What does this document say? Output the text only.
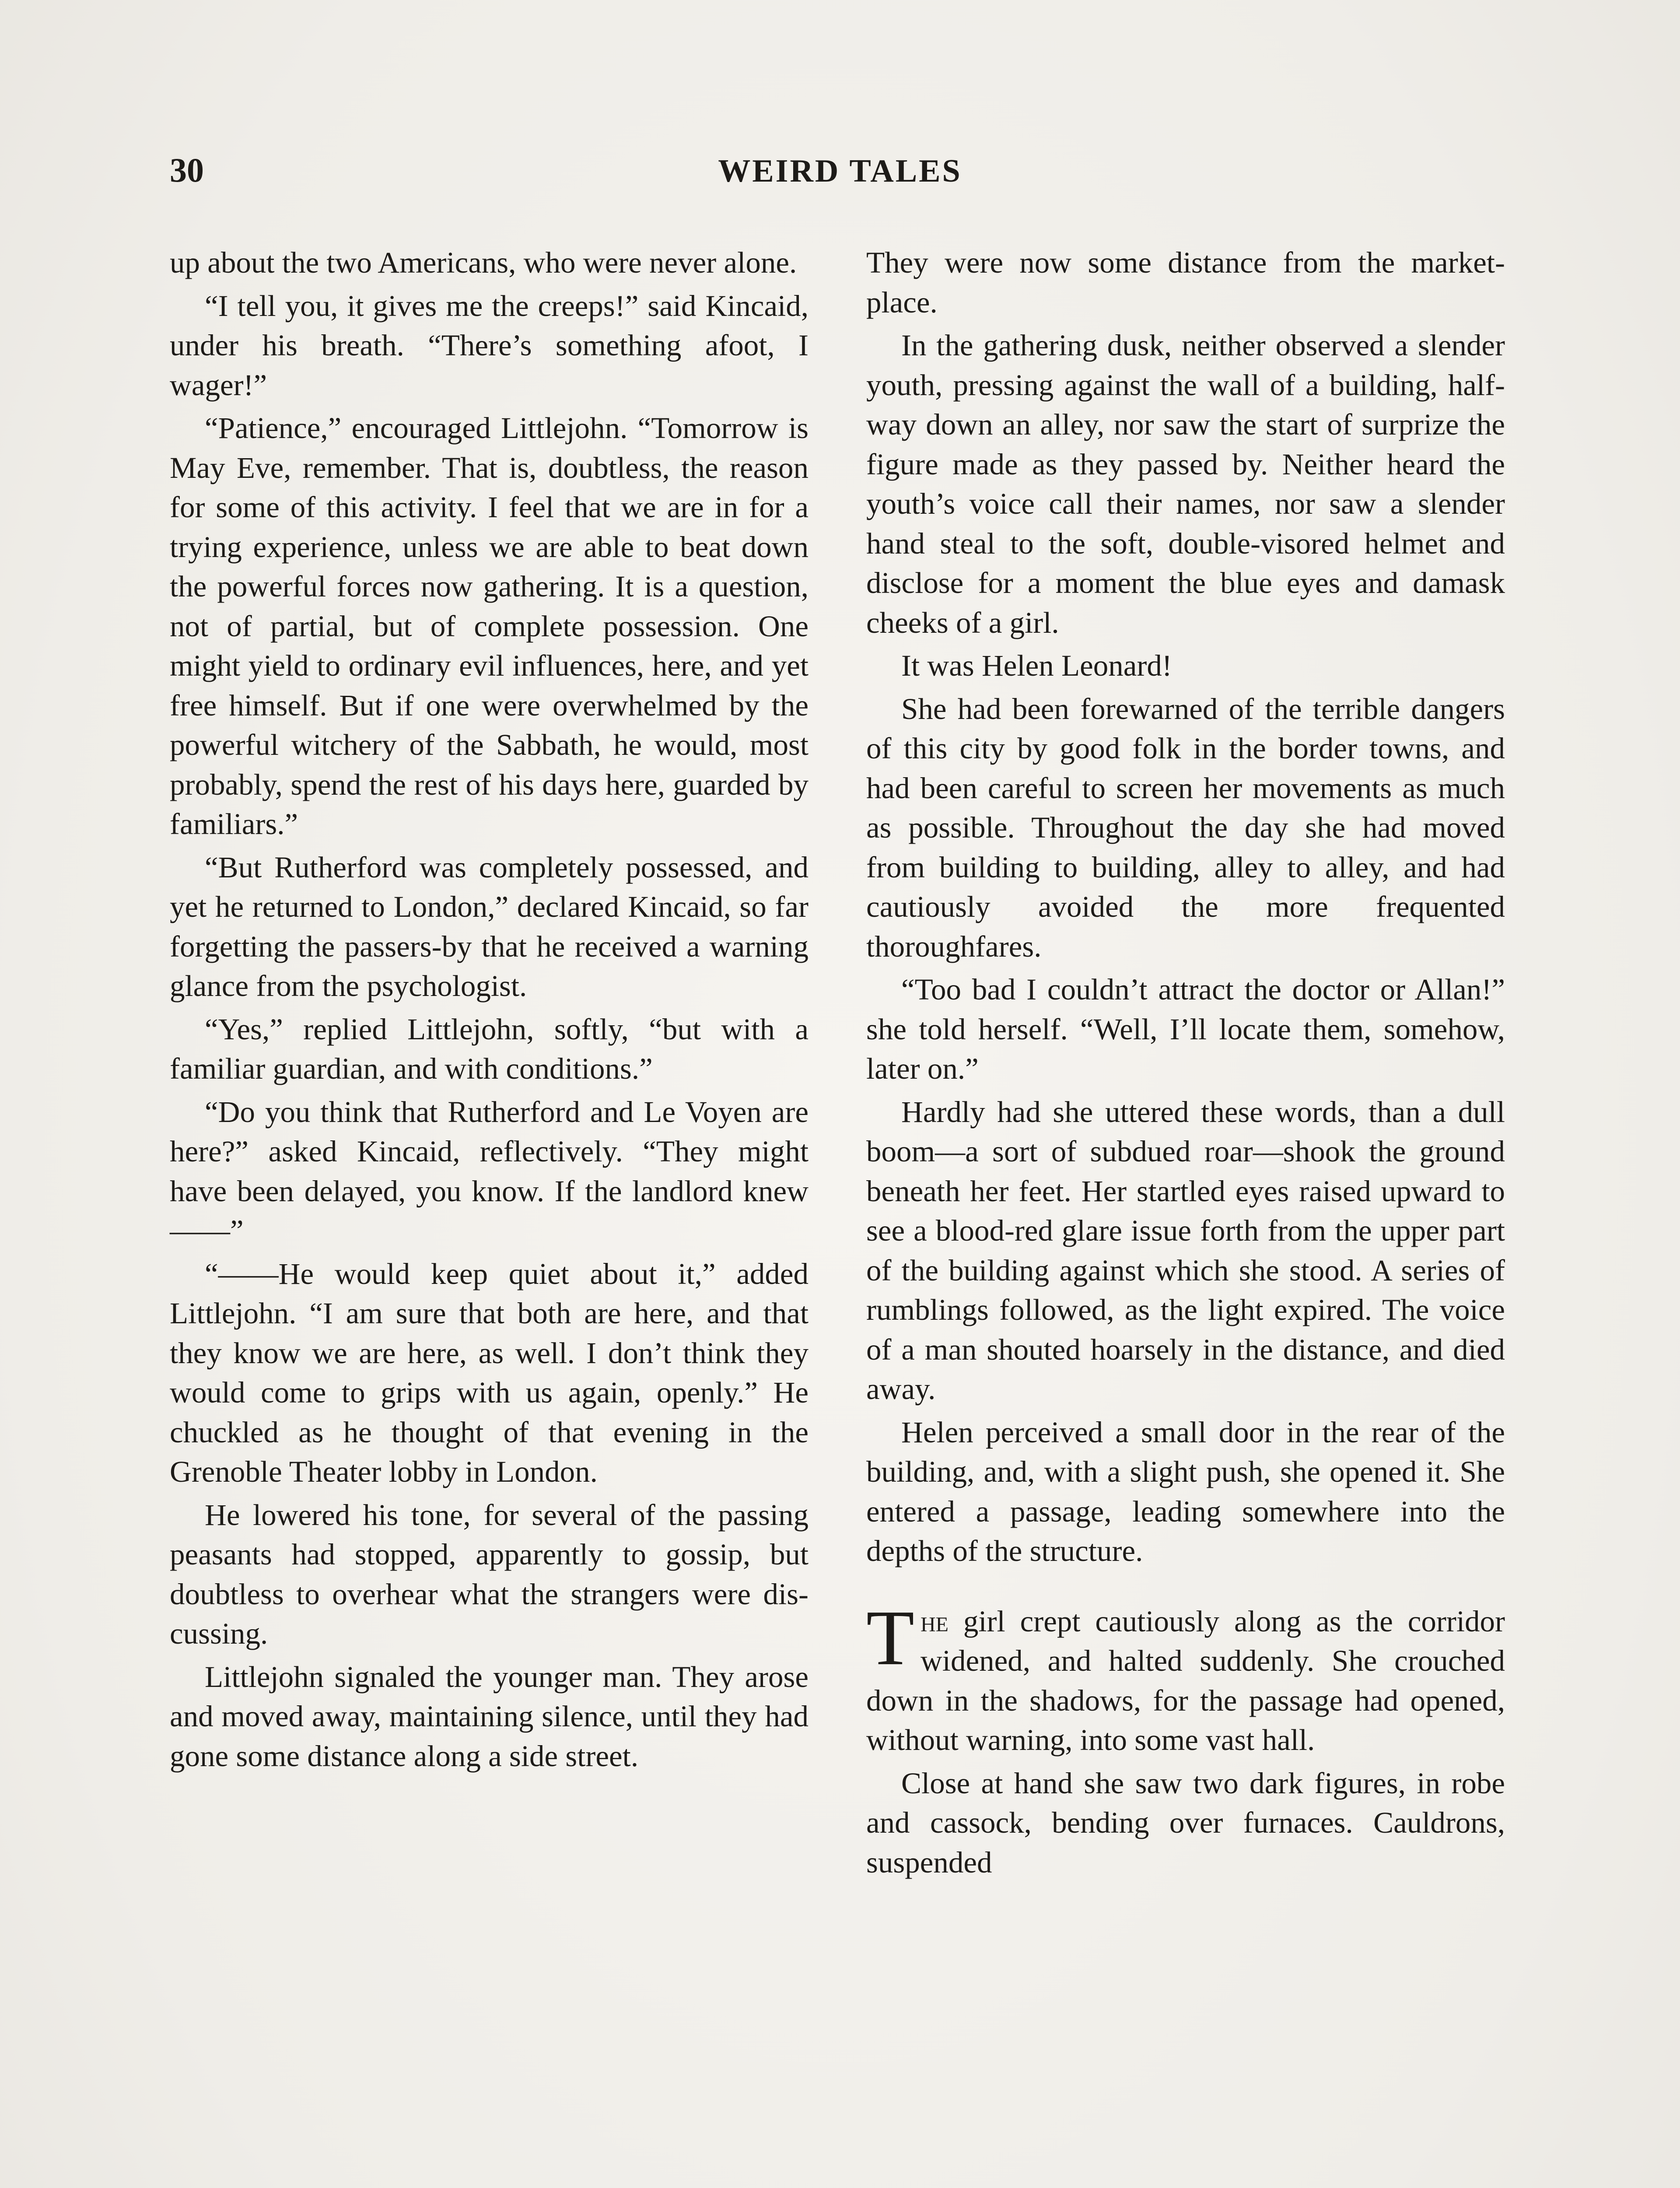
30	WEIRD TALES

up about the two Americans, who were never alone.

“I tell you, it gives me the creeps!” said Kincaid, under his breath. “There’s something afoot, I wager!”

“Patience,” encouraged Littlejohn. “Tomorrow is May Eve, remember. That is, doubtless, the reason for some of this activity. I feel that we are in for a trying experience, unless we are able to beat down the powerful forces now gathering. It is a question, not of partial, but of complete possession. One might yield to ordinary evil influences, here, and yet free himself. But if one were overwhelmed by the powerful witchery of the Sabbath, he would, most probably, spend the rest of his days here, guarded by familiars.”

“But Rutherford was completely possessed, and yet he returned to London,” declared Kincaid, so far forgetting the passers-by that he received a warning glance from the psychologist.

“Yes,” replied Littlejohn, softly, “but with a familiar guardian, and with conditions.”

“Do you think that Rutherford and Le Voyen are here?” asked Kincaid, reflectively. “They might have been delayed, you know. If the landlord knew——”

“——He would keep quiet about it,” added Littlejohn. “I am sure that both are here, and that they know we are here, as well. I don’t think they would come to grips with us again, openly.” He chuckled as he thought of that evening in the Grenoble Theater lobby in London.

He lowered his tone, for several of the passing peasants had stopped, apparently to gossip, but doubtless to overhear what the strangers were discussing.

Littlejohn signaled the younger man. They arose and moved away, maintaining silence, until they had gone some distance along a side street.

They were now some distance from the market-place.

In the gathering dusk, neither observed a slender youth, pressing against the wall of a building, halfway down an alley, nor saw the start of surprize the figure made as they passed by. Neither heard the youth’s voice call their names, nor saw a slender hand steal to the soft, double-visored helmet and disclose for a moment the blue eyes and damask cheeks of a girl.

It was Helen Leonard!

She had been forewarned of the terrible dangers of this city by good folk in the border towns, and had been careful to screen her movements as much as possible. Throughout the day she had moved from building to building, alley to alley, and had cautiously avoided the more frequented thoroughfares.

“Too bad I couldn’t attract the doctor or Allan!” she told herself. “Well, I’ll locate them, somehow, later on.”

Hardly had she uttered these words, than a dull boom—a sort of subdued roar—shook the ground beneath her feet. Her startled eyes raised upward to see a blood-red glare issue forth from the upper part of the building against which she stood. A series of rumblings followed, as the light expired. The voice of a man shouted hoarsely in the distance, and died away.

Helen perceived a small door in the rear of the building, and, with a slight push, she opened it. She entered a passage, leading somewhere into the depths of the structure.

The girl crept cautiously along as the corridor widened, and halted suddenly. She crouched down in the shadows, for the passage had opened, without warning, into some vast hall.

Close at hand she saw two dark figures, in robe and cassock, bending over furnaces. Cauldrons, suspended
